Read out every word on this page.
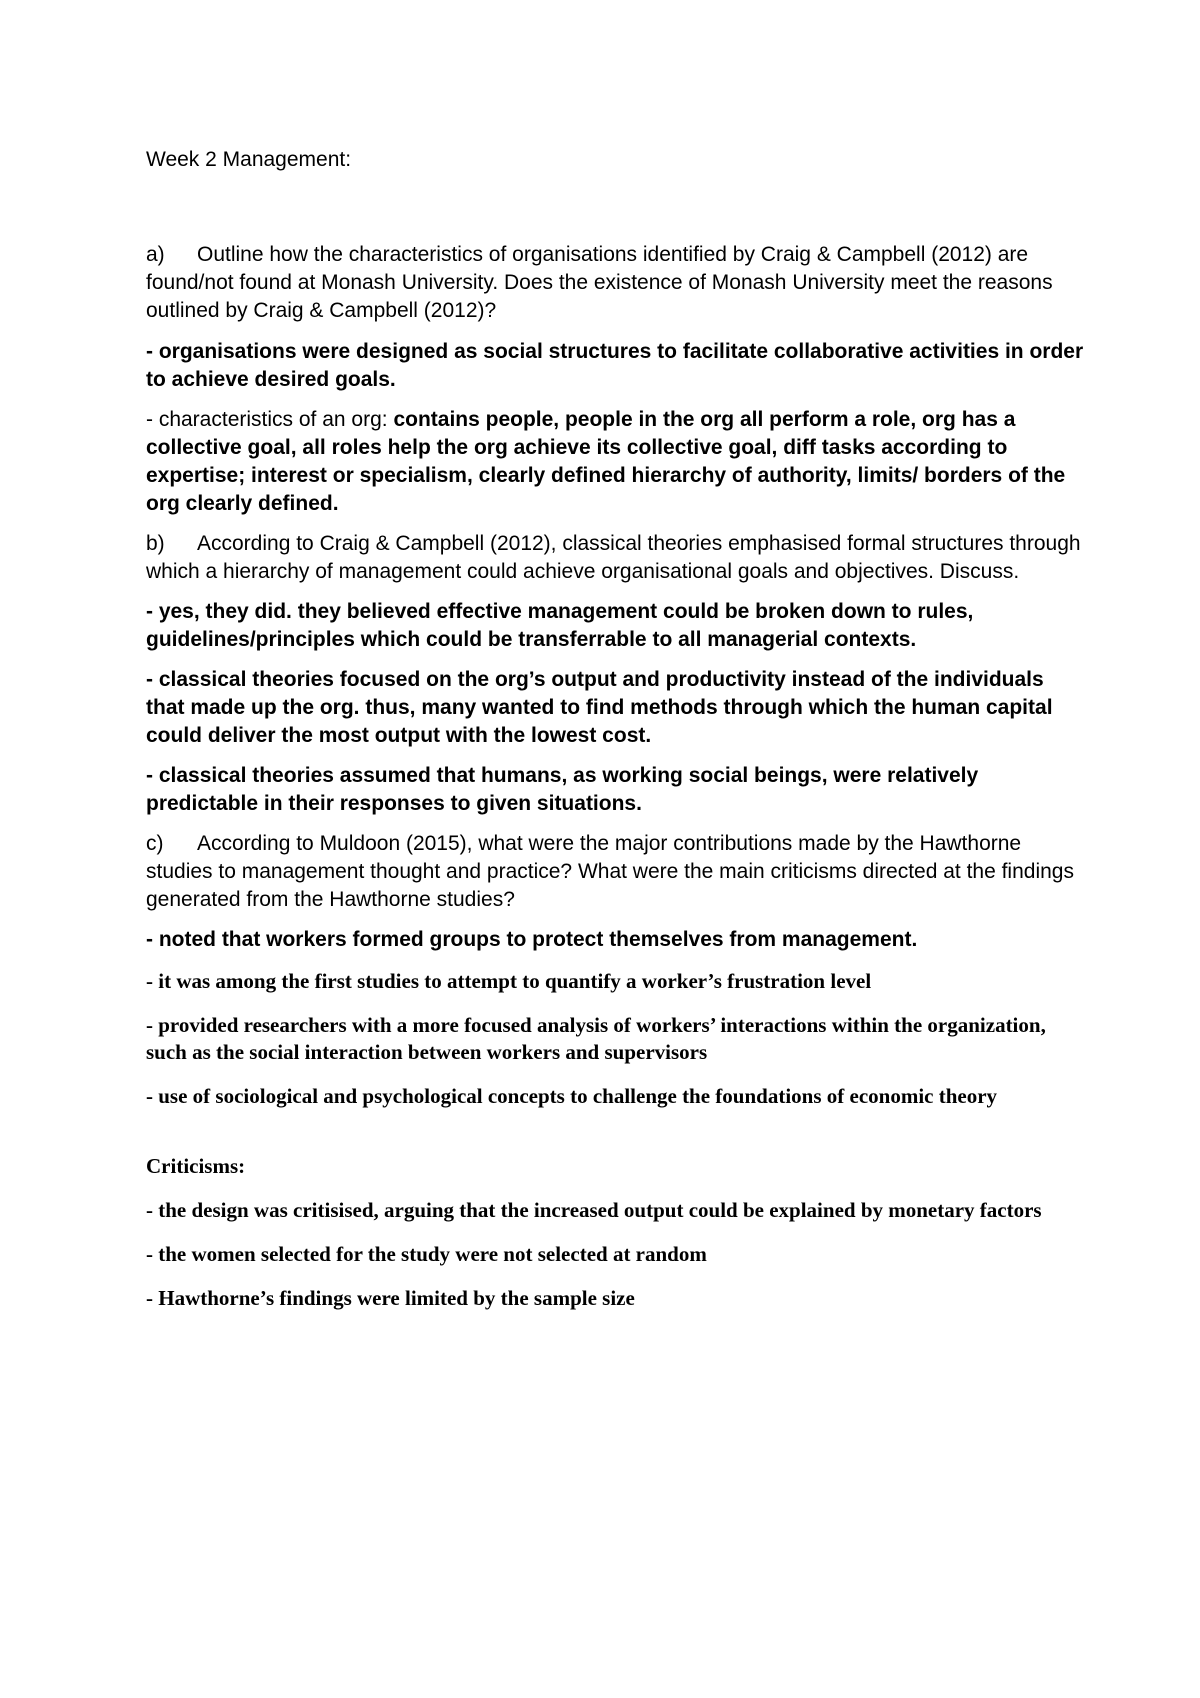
Week 2 Management:

a) Outline how the characteristics of organisations identified by Craig & Campbell (2012) are found/not found at Monash University. Does the existence of Monash University meet the reasons outlined by Craig & Campbell (2012)?

- organisations were designed as social structures to facilitate collaborative activities in order to achieve desired goals.

- characteristics of an org: contains people, people in the org all perform a role, org has a collective goal, all roles help the org achieve its collective goal, diff tasks according to expertise; interest or specialism, clearly defined hierarchy of authority, limits/ borders of the org clearly defined.

b) According to Craig & Campbell (2012), classical theories emphasised formal structures through which a hierarchy of management could achieve organisational goals and objectives. Discuss.

- yes, they did. they believed effective management could be broken down to rules, guidelines/principles which could be transferrable to all managerial contexts.

- classical theories focused on the org’s output and productivity instead of the individuals that made up the org. thus, many wanted to find methods through which the human capital could deliver the most output with the lowest cost.

- classical theories assumed that humans, as working social beings, were relatively predictable in their responses to given situations.

c) According to Muldoon (2015), what were the major contributions made by the Hawthorne studies to management thought and practice? What were the main criticisms directed at the findings generated from the Hawthorne studies?

- noted that workers formed groups to protect themselves from management.

- it was among the first studies to attempt to quantify a worker’s frustration level

- provided researchers with a more focused analysis of workers’ interactions within the organization, such as the social interaction between workers and supervisors

- use of sociological and psychological concepts to challenge the foundations of economic theory

Criticisms:

- the design was critisised, arguing that the increased output could be explained by monetary factors

- the women selected for the study were not selected at random

- Hawthorne’s findings were limited by the sample size
